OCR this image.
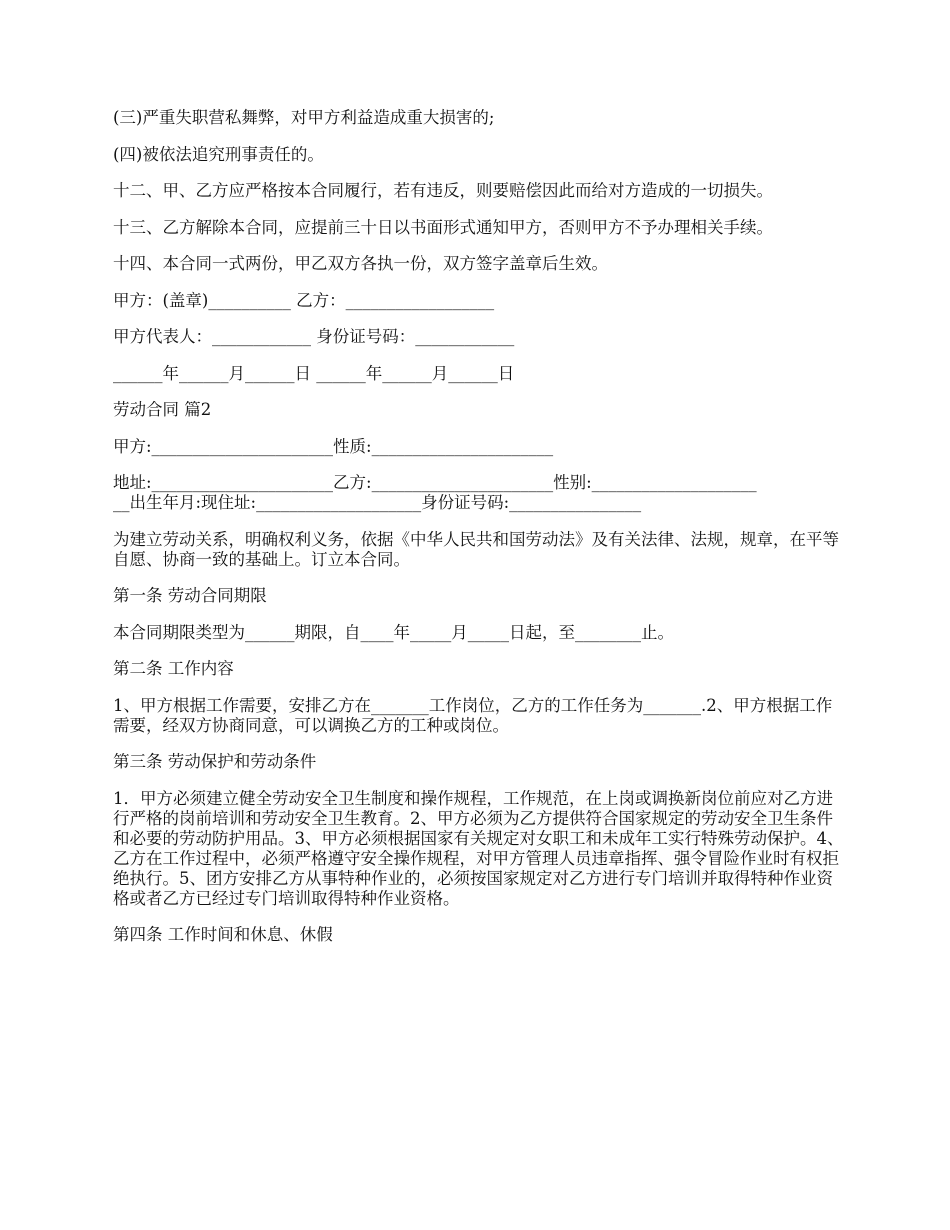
(三)严重失职营私舞弊，对甲方利益造成重大损害的;

(四)被依法追究刑事责任的。

十二、甲、乙方应严格按本合同履行，若有违反，则要赔偿因此而给对方造成的一切损失。

十三、乙方解除本合同，应提前三十日以书面形式通知甲方，否则甲方不予办理相关手续。

十四、本合同一式两份，甲乙双方各执一份，双方签字盖章后生效。

甲方：(盖章)__________ 乙方：__________________

甲方代表人：____________ 身份证号码：____________

______年______月______日 ______年______月______日

劳动合同 篇2

甲方:______________________性质:______________________

地址:______________________乙方:______________________性别:____________________
__出生年月:现住址:____________________身份证号码:________________

为建立劳动关系，明确权利义务，依据《中华人民共和国劳动法》及有关法律、法规，规章，在平等自愿、协商一致的基础上。订立本合同。

第一条 劳动合同期限

本合同期限类型为______期限，自____年_____月_____日起，至________止。

第二条 工作内容

1、甲方根据工作需要，安排乙方在_______工作岗位，乙方的工作任务为_______.2、甲方根据工作需要，经双方协商同意，可以调换乙方的工种或岗位。

第三条 劳动保护和劳动条件

1．甲方必须建立健全劳动安全卫生制度和操作规程，工作规范，在上岗或调换新岗位前应对乙方进行严格的岗前培训和劳动安全卫生教育。2、甲方必须为乙方提供符合国家规定的劳动安全卫生条件和必要的劳动防护用品。3、甲方必须根据国家有关规定对女职工和未成年工实行特殊劳动保护。4、乙方在工作过程中，必须严格遵守安全操作规程，对甲方管理人员违章指挥、强令冒险作业时有权拒绝执行。5、团方安排乙方从事特种作业的，必须按国家规定对乙方进行专门培训并取得特种作业资格或者乙方已经过专门培训取得特种作业资格。

第四条 工作时间和休息、休假
